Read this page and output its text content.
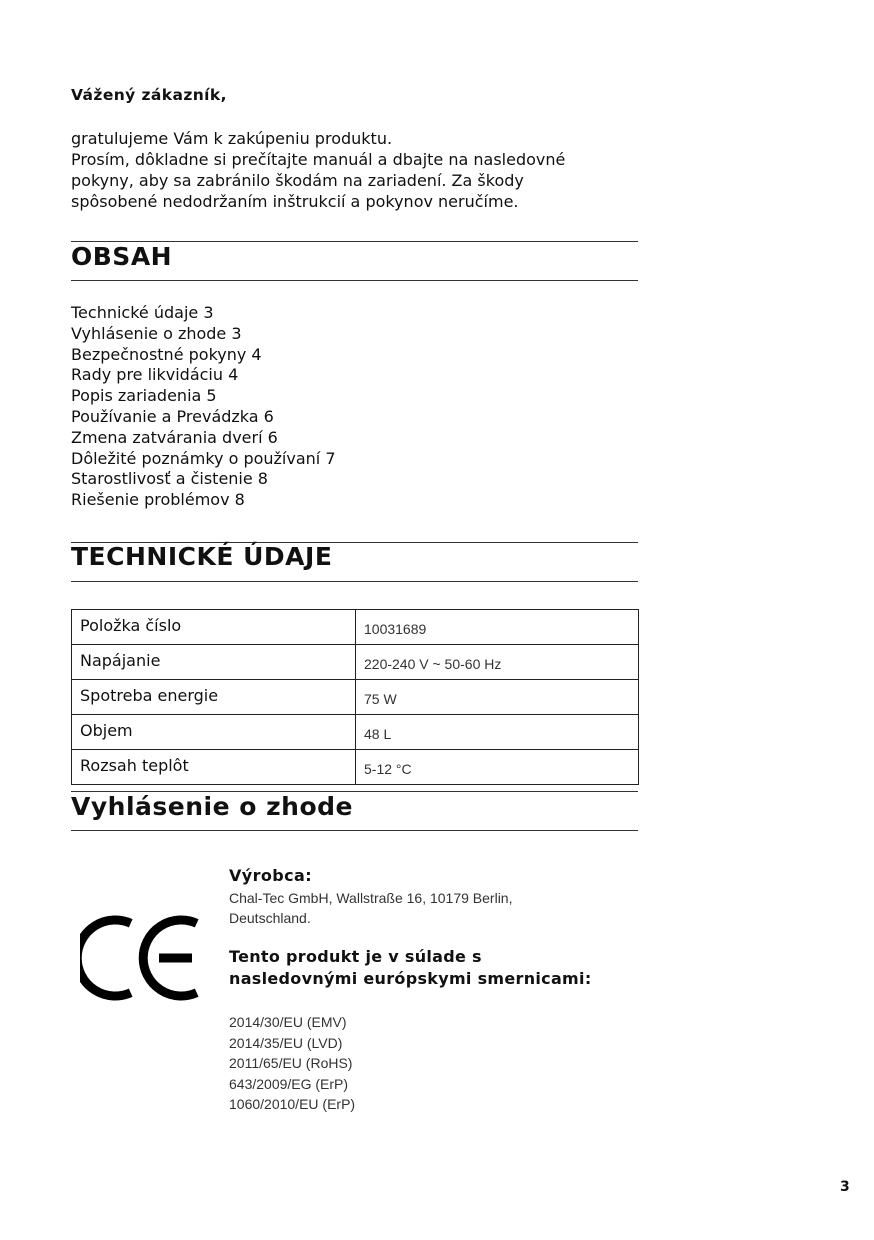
Vážený zákazník,
gratulujeme Vám k zakúpeniu produktu.
Prosím, dôkladne si prečítajte manuál a dbajte na nasledovné
pokyny, aby sa zabránilo škodám na zariadení. Za škody
spôsobené nedodržaním inštrukcií a pokynov neručíme.
OBSAH
Technické údaje 3
Vyhlásenie o zhode 3
Bezpečnostné pokyny 4
Rady pre likvidáciu 4
Popis zariadenia 5
Používanie a Prevádzka 6
Zmena zatvárania dverí 6
Dôležité poznámky o používaní 7
Starostlivosť a čistenie 8
Riešenie problémov 8
TECHNICKÉ ÚDAJE
Položka číslo	10031689
Napájanie	220-240 V ~ 50-60 Hz
Spotreba energie	75 W
Objem	48 L
Rozsah teplôt	5-12 °C
Vyhlásenie o zhode
Výrobca:
Chal-Tec GmbH, Wallstraße 16, 10179 Berlin,
Deutschland.
Tento produkt je v súlade s
nasledovnými európskymi smernicami:
2014/30/EU (EMV)
2014/35/EU (LVD)
2011/65/EU (RoHS)
643/2009/EG (ErP)
1060/2010/EU (ErP)
3
